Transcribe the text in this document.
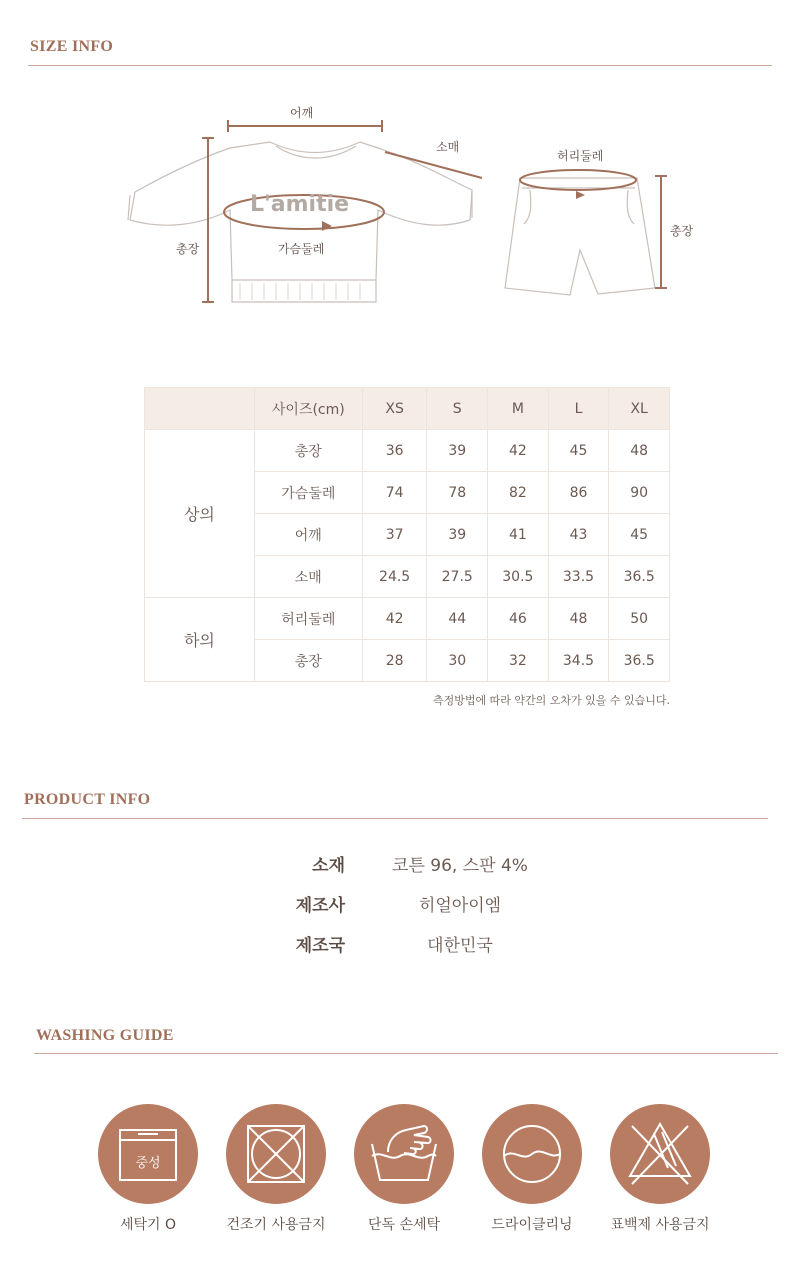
SIZE INFO
L'amitie
어깨
소매
총장	가슴둘레
허리둘레
총장
	사이즈(cm)	XS	S	M	L	XL
상의	총장	36	39	42	45	48
	가슴둘레	74	78	82	86	90
	어깨	37	39	41	43	45
	소매	24.5	27.5	30.5	33.5	36.5
하의	허리둘레	42	44	46	48	50
	총장	28	30	32	34.5	36.5
측정방법에 따라 약간의 오차가 있을 수 있습니다.
PRODUCT INFO
소재	코튼 96, 스판 4%
제조사	히얼아이엠
제조국	대한민국
WASHING GUIDE
중성
세탁기 O	건조기 사용금지	단독 손세탁	드라이클리닝	표백제 사용금지
